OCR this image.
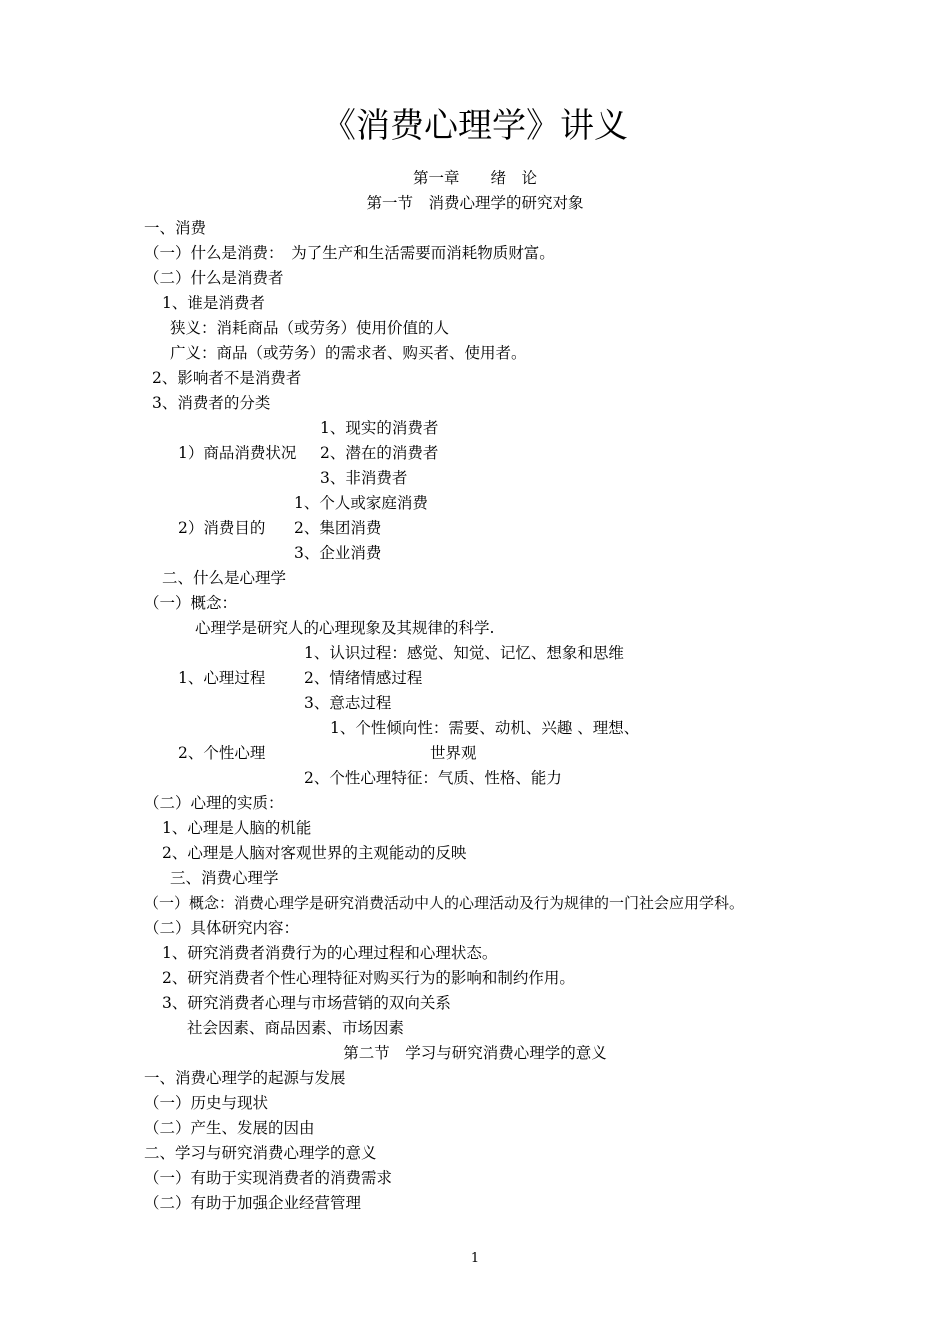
《消费心理学》讲义
第一章　　绪　论
第一节　消费心理学的研究对象
一、消费
（一）什么是消费：　为了生产和生活需要而消耗物质财富。
（二）什么是消费者
1、谁是消费者
狭义：消耗商品（或劳务）使用价值的人
广义：商品（或劳务）的需求者、购买者、使用者。
2、影响者不是消费者
3、消费者的分类
1、现实的消费者
1）商品消费状况 2、潜在的消费者
3、非消费者
1、个人或家庭消费
2）消费目的 2、集团消费
3、企业消费
二、什么是心理学
（一）概念：
心理学是研究人的心理现象及其规律的科学.
1、认识过程：感觉、知觉、记忆、想象和思维
1、心理过程 2、情绪情感过程
3、意志过程
1、个性倾向性：需要、动机、兴趣 、理想、
2、个性心理	世界观
2、个性心理特征：气质、性格、能力
（二）心理的实质：
1、心理是人脑的机能
2、心理是人脑对客观世界的主观能动的反映
三、消费心理学
（一）概念：消费心理学是研究消费活动中人的心理活动及行为规律的一门社会应用学科。
（二）具体研究内容：
1、研究消费者消费行为的心理过程和心理状态。
2、研究消费者个性心理特征对购买行为的影响和制约作用。
3、研究消费者心理与市场营销的双向关系
社会因素、商品因素、市场因素
第二节　学习与研究消费心理学的意义
一、消费心理学的起源与发展
（一）历史与现状
（二）产生、发展的因由
二、学习与研究消费心理学的意义
（一）有助于实现消费者的消费需求
（二）有助于加强企业经营管理
1
